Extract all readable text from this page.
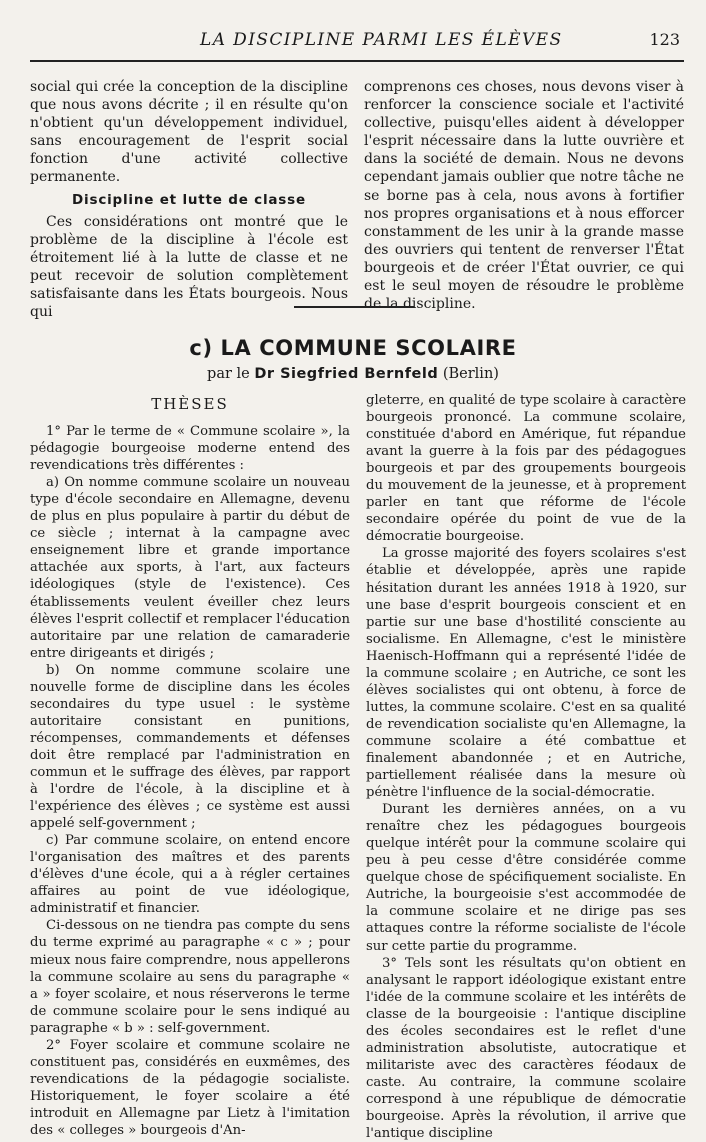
LA DISCIPLINE PARMI LES ÉLÈVES	123

social qui crée la conception de la discipline que nous avons décrite ; il en résulte qu'on n'obtient qu'un développement individuel, sans encouragement de l'esprit social fonction d'une activité collective permanente.

Discipline et lutte de classe

Ces considérations ont montré que le problème de la discipline à l'école est étroitement lié à la lutte de classe et ne peut recevoir de solution complètement satisfaisante dans les États bourgeois. Nous qui

comprenons ces choses, nous devons viser à renforcer la conscience sociale et l'activité collective, puisqu'elles aident à développer l'esprit nécessaire dans la lutte ouvrière et dans la société de demain. Nous ne devons cependant jamais oublier que notre tâche ne se borne pas à cela, nous avons à fortifier nos propres organisations et à nous efforcer constamment de les unir à la grande masse des ouvriers qui tentent de renverser l'État bourgeois et de créer l'État ouvrier, ce qui est le seul moyen de résoudre le problème de la discipline.

c) LA COMMUNE SCOLAIRE
par le Dr Siegfried Bernfeld (Berlin)
THÈSES

1° Par le terme de « Commune scolaire », la pédagogie bourgeoise moderne entend des revendications très différentes :

a) On nomme commune scolaire un nouveau type d'école secondaire en Allemagne, devenu de plus en plus populaire à partir du début de ce siècle ; internat à la campagne avec enseignement libre et grande importance attachée aux sports, à l'art, aux facteurs idéologiques (style de l'existence). Ces établissements veulent éveiller chez leurs élèves l'esprit collectif et remplacer l'éducation autoritaire par une relation de camaraderie entre dirigeants et dirigés ;

b) On nomme commune scolaire une nouvelle forme de discipline dans les écoles secondaires du type usuel : le système autoritaire consistant en punitions, récompenses, commandements et défenses doit être remplacé par l'administration en commun et le suffrage des élèves, par rapport à l'ordre de l'école, à la discipline et à l'expérience des élèves ; ce système est aussi appelé self-government ;

c) Par commune scolaire, on entend encore l'organisation des maîtres et des parents d'élèves d'une école, qui a à régler certaines affaires au point de vue idéologique, administratif et financier.

Ci-dessous on ne tiendra pas compte du sens du terme exprimé au paragraphe « c » ; pour mieux nous faire comprendre, nous appellerons la commune scolaire au sens du paragraphe « a » foyer scolaire, et nous réserverons le terme de commune scolaire pour le sens indiqué au paragraphe « b » : self-government.

2° Foyer scolaire et commune scolaire ne constituent pas, considérés en euxmêmes, des revendications de la pédagogie socialiste. Historiquement, le foyer scolaire a été introduit en Allemagne par Lietz à l'imitation des « colleges » bourgeois d'An-

gleterre, en qualité de type scolaire à caractère bourgeois prononcé. La commune scolaire, constituée d'abord en Amérique, fut répandue avant la guerre à la fois par des pédagogues bourgeois et par des groupements bourgeois du mouvement de la jeunesse, et à proprement parler en tant que réforme de l'école secondaire opérée du point de vue de la démocratie bourgeoise.

La grosse majorité des foyers scolaires s'est établie et développée, après une rapide hésitation durant les années 1918 à 1920, sur une base d'esprit bourgeois conscient et en partie sur une base d'hostilité consciente au socialisme. En Allemagne, c'est le ministère Haenisch-Hoffmann qui a représenté l'idée de la commune scolaire ; en Autriche, ce sont les élèves socialistes qui ont obtenu, à force de luttes, la commune scolaire. C'est en sa qualité de revendication socialiste qu'en Allemagne, la commune scolaire a été combattue et finalement abandonnée ; et en Autriche, partiellement réalisée dans la mesure où pénètre l'influence de la social-démocratie.

Durant les dernières années, on a vu renaître chez les pédagogues bourgeois quelque intérêt pour la commune scolaire qui peu à peu cesse d'être considérée comme quelque chose de spécifiquement socialiste. En Autriche, la bourgeoisie s'est accommodée de la commune scolaire et ne dirige pas ses attaques contre la réforme socialiste de l'école sur cette partie du programme.

3° Tels sont les résultats qu'on obtient en analysant le rapport idéologique existant entre l'idée de la commune scolaire et les intérêts de classe de la bourgeoisie : l'antique discipline des écoles secondaires est le reflet d'une administration absolutiste, autocratique et militariste avec des caractères féodaux de caste. Au contraire, la commune scolaire correspond à une république de démocratie bourgeoise. Après la révolution, il arrive que l'antique discipline
